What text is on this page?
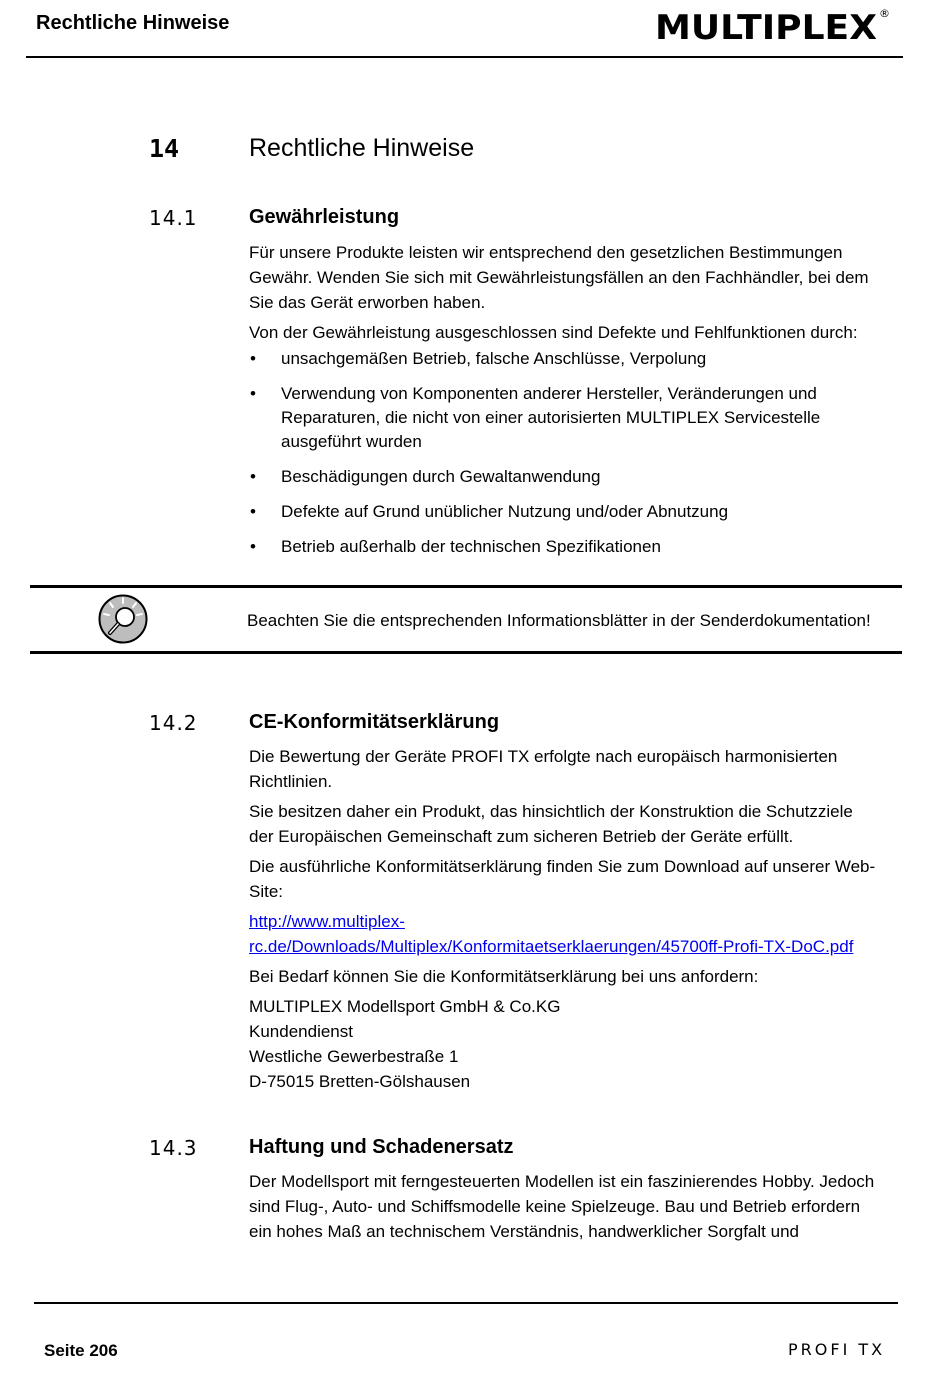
Rechtliche Hinweise	MULTIPLEX ®
14	Rechtliche Hinweise
14.1	Gewährleistung
Für unsere Produkte leisten wir entsprechend den gesetzlichen Bestimmungen
Gewähr. Wenden Sie sich mit Gewährleistungsfällen an den Fachhändler, bei dem
Sie das Gerät erworben haben.
Von der Gewährleistung ausgeschlossen sind Defekte und Fehlfunktionen durch:
• unsachgemäßen Betrieb, falsche Anschlüsse, Verpolung
• Verwendung von Komponenten anderer Hersteller, Veränderungen und
Reparaturen, die nicht von einer autorisierten MULTIPLEX Servicestelle
ausgeführt wurden
• Beschädigungen durch Gewaltanwendung
• Defekte auf Grund unüblicher Nutzung und/oder Abnutzung
• Betrieb außerhalb der technischen Spezifikationen
Beachten Sie die entsprechenden Informationsblätter in der Senderdokumentation!
14.2	CE-Konformitätserklärung
Die Bewertung der Geräte PROFI TX erfolgte nach europäisch harmonisierten
Richtlinien.
Sie besitzen daher ein Produkt, das hinsichtlich der Konstruktion die Schutzziele
der Europäischen Gemeinschaft zum sicheren Betrieb der Geräte erfüllt.
Die ausführliche Konformitätserklärung finden Sie zum Download auf unserer Web-
Site:
http://www.multiplex-
rc.de/Downloads/Multiplex/Konformitaetserklaerungen/45700ff-Profi-TX-DoC.pdf
Bei Bedarf können Sie die Konformitätserklärung bei uns anfordern:
MULTIPLEX Modellsport GmbH & Co.KG
Kundendienst
Westliche Gewerbestraße 1
D-75015 Bretten-Gölshausen
14.3	Haftung und Schadenersatz
Der Modellsport mit ferngesteuerten Modellen ist ein faszinierendes Hobby. Jedoch
sind Flug-, Auto- und Schiffsmodelle keine Spielzeuge. Bau und Betrieb erfordern
ein hohes Maß an technischem Verständnis, handwerklicher Sorgfalt und
Seite 206	PROFI TX
